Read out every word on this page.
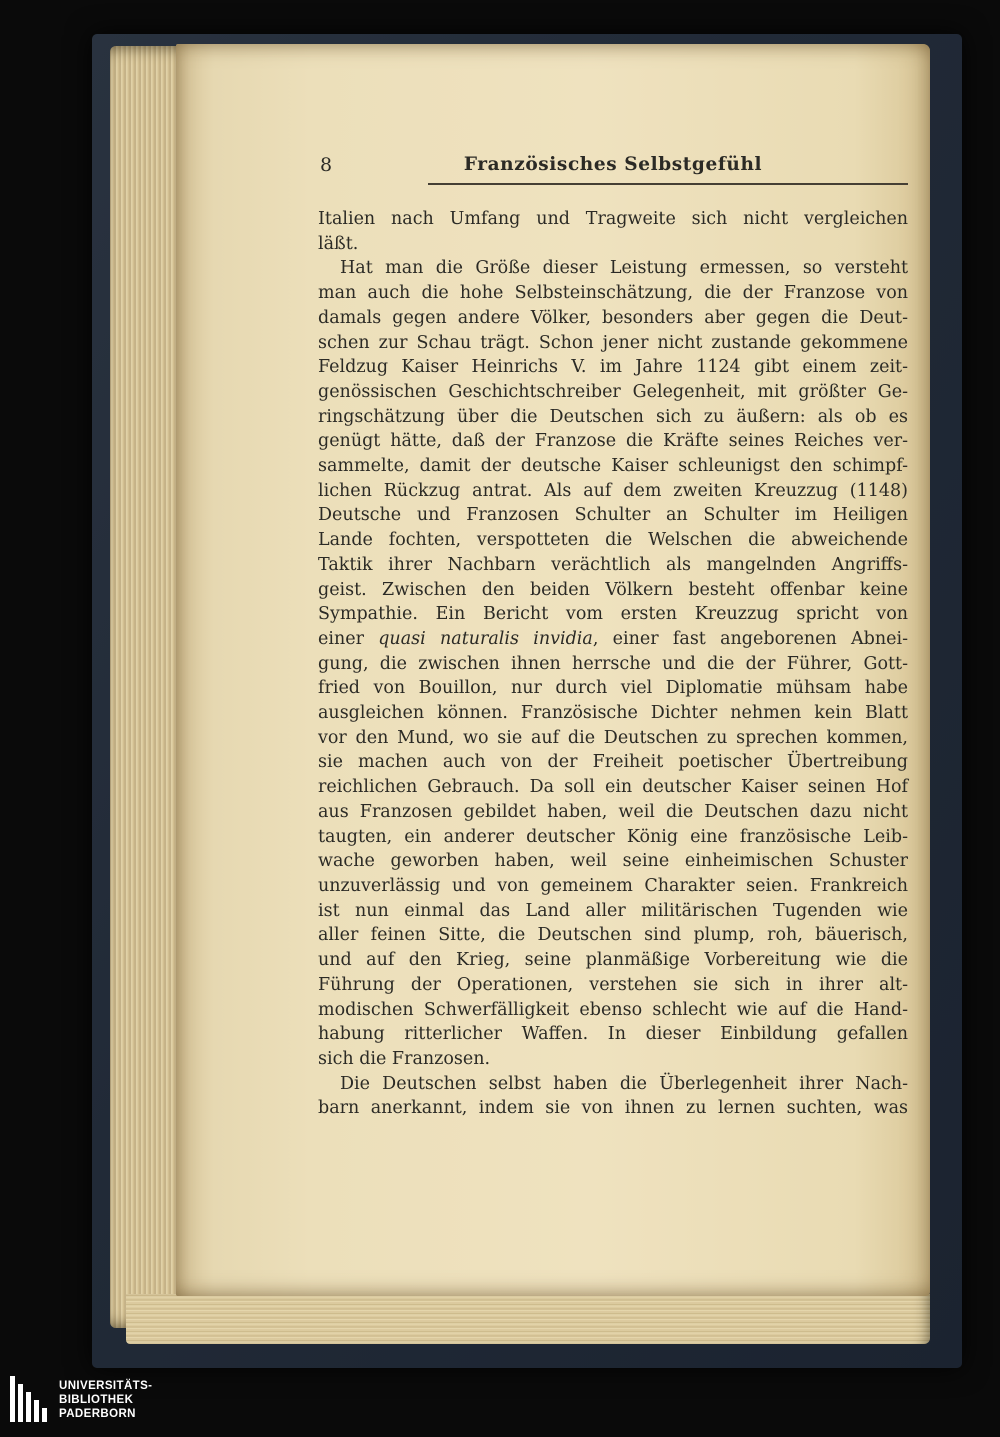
8	Französisches Selbstgefühl
Italien nach Umfang und Tragweite sich nicht vergleichen
läßt.
Hat man die Größe dieser Leistung ermessen, so versteht
man auch die hohe Selbsteinschätzung, die der Franzose von
damals gegen andere Völker, besonders aber gegen die Deut-
schen zur Schau trägt. Schon jener nicht zustande gekommene
Feldzug Kaiser Heinrichs V. im Jahre 1124 gibt einem zeit-
genössischen Geschichtschreiber Gelegenheit, mit größter Ge-
ringschätzung über die Deutschen sich zu äußern: als ob es
genügt hätte, daß der Franzose die Kräfte seines Reiches ver-
sammelte, damit der deutsche Kaiser schleunigst den schimpf-
lichen Rückzug antrat. Als auf dem zweiten Kreuzzug (1148)
Deutsche und Franzosen Schulter an Schulter im Heiligen
Lande fochten, verspotteten die Welschen die abweichende
Taktik ihrer Nachbarn verächtlich als mangelnden Angriffs-
geist. Zwischen den beiden Völkern besteht offenbar keine
Sympathie. Ein Bericht vom ersten Kreuzzug spricht von
einer quasi naturalis invidia, einer fast angeborenen Abnei-
gung, die zwischen ihnen herrsche und die der Führer, Gott-
fried von Bouillon, nur durch viel Diplomatie mühsam habe
ausgleichen können. Französische Dichter nehmen kein Blatt
vor den Mund, wo sie auf die Deutschen zu sprechen kommen,
sie machen auch von der Freiheit poetischer Übertreibung
reichlichen Gebrauch. Da soll ein deutscher Kaiser seinen Hof
aus Franzosen gebildet haben, weil die Deutschen dazu nicht
taugten, ein anderer deutscher König eine französische Leib-
wache geworben haben, weil seine einheimischen Schuster
unzuverlässig und von gemeinem Charakter seien. Frankreich
ist nun einmal das Land aller militärischen Tugenden wie
aller feinen Sitte, die Deutschen sind plump, roh, bäuerisch,
und auf den Krieg, seine planmäßige Vorbereitung wie die
Führung der Operationen, verstehen sie sich in ihrer alt-
modischen Schwerfälligkeit ebenso schlecht wie auf die Hand-
habung ritterlicher Waffen. In dieser Einbildung gefallen
sich die Franzosen.
Die Deutschen selbst haben die Überlegenheit ihrer Nach-
barn anerkannt, indem sie von ihnen zu lernen suchten, was
UNIVERSITÄTS-
BIBLIOTHEK
PADERBORN
